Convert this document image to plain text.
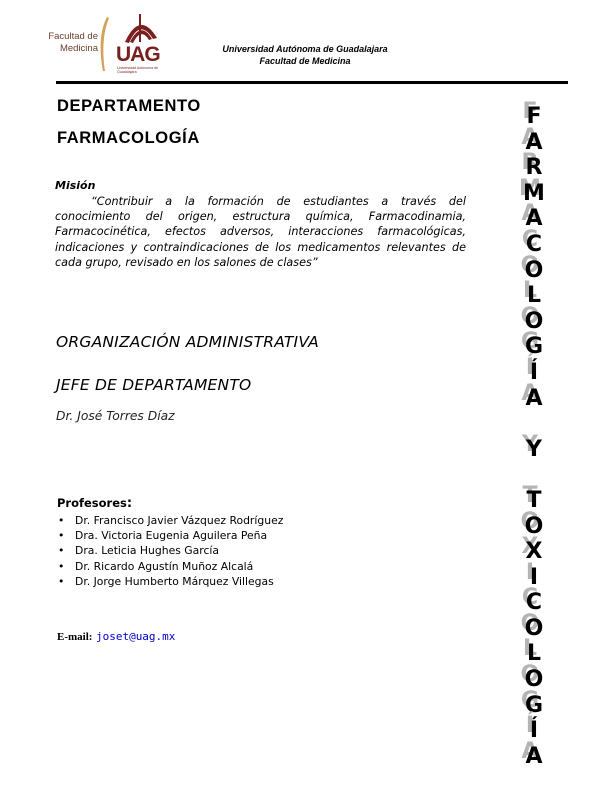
Facultad de
Medicina UAG
Universidad Autónoma de Guadalajara
Universidad Autónoma de Guadalajara
Facultad de Medicina
DEPARTAMENTO
FARMACOLOGÍA
Misión
“Contribuir a la formación de estudiantes a través del conocimiento del origen, estructura química, Farmacodinamia, Farmacocinética, efectos adversos, interacciones farmacológicas, indicaciones y contraindicaciones de los medicamentos relevantes de cada grupo, revisado en los salones de clases”
ORGANIZACIÓN ADMINISTRATIVA
JEFE DE DEPARTAMENTO
Dr. José Torres Díaz
Profesores:
• Dr. Francisco Javier Vázquez Rodríguez
• Dra. Victoria Eugenia Aguilera Peña
• Dra. Leticia Hughes García
• Dr. Ricardo Agustín Muñoz Alcalá
• Dr. Jorge Humberto Márquez Villegas
E-mail: joset@uag.mx
F
A
R
M
A
C
O
L
O
G
Í
A
Y
T
O
X
I
C
O
L
O
G
Í
A
